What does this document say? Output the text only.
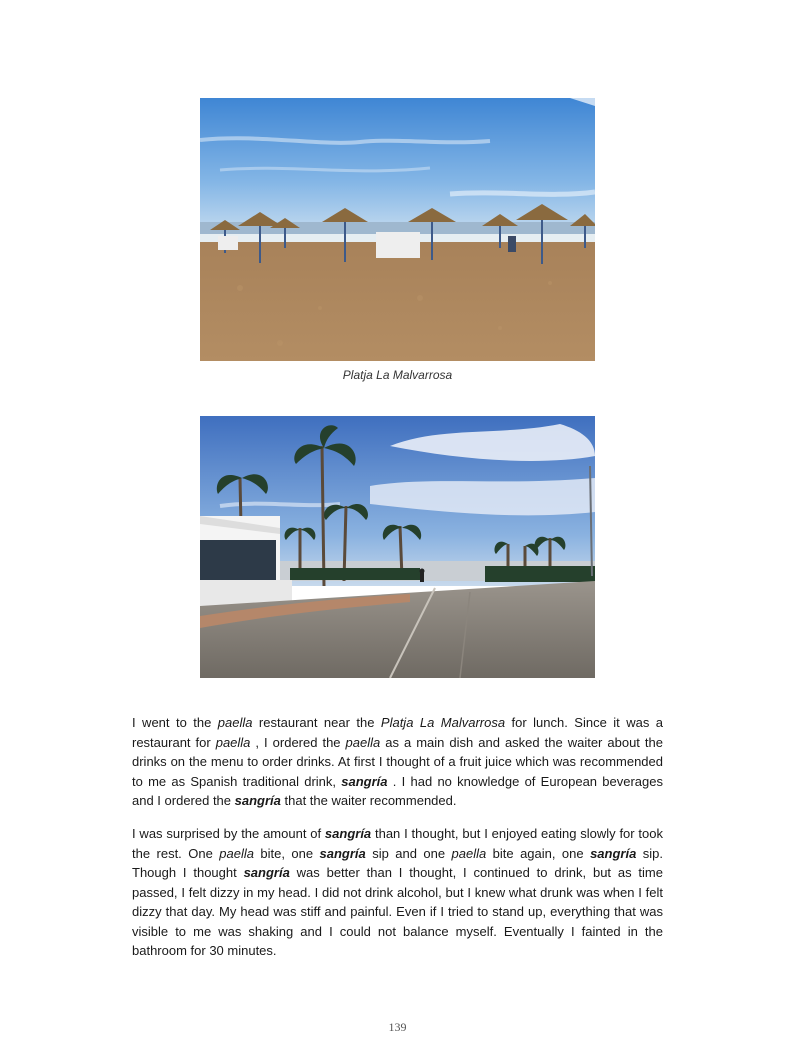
Platja La Malvarrosa

I went to the paella restaurant near the Platja La Malvarrosa for lunch. Since it was a restaurant for paella , I ordered the paella as a main dish and asked the waiter about the drinks on the menu to order drinks. At first I thought of a fruit juice which was recommended to me as Spanish traditional drink, sangría . I had no knowledge of European beverages and I ordered the sangría that the waiter recommended.

I was surprised by the amount of sangría than I thought, but I enjoyed eating slowly for took the rest. One paella bite, one sangría sip and one paella bite again, one sangría sip. Though I thought sangría was better than I thought, I continued to drink, but as time passed, I felt dizzy in my head. I did not drink alcohol, but I knew what drunk was when I felt dizzy that day. My head was stiff and painful. Even if I tried to stand up, everything that was visible to me was shaking and I could not balance myself. Eventually I fainted in the bathroom for 30 minutes.

139
